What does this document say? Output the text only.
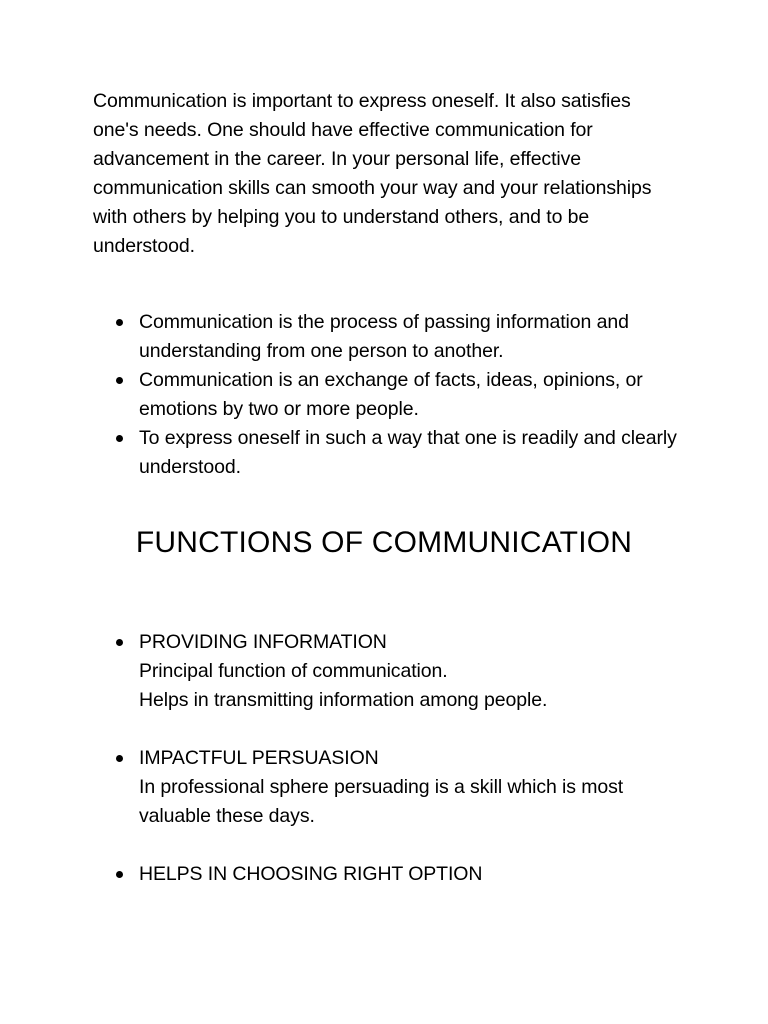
Communication is important to express oneself. It also satisfies one's needs. One should have effective communication for advancement in the career. In your personal life, effective communication skills can smooth your way and your relationships with others by helping you to understand others, and to be understood.

Communication is the process of passing information and understanding from one person to another.
Communication is an exchange of facts, ideas, opinions, or emotions by two or more people.
To express oneself in such a way that one is readily and clearly understood.
FUNCTIONS OF COMMUNICATION
PROVIDING INFORMATION
Principal function of communication.
Helps in transmitting information among people.
IMPACTFUL PERSUASION
In professional sphere persuading is a skill which is most valuable these days.
HELPS IN CHOOSING RIGHT OPTION
